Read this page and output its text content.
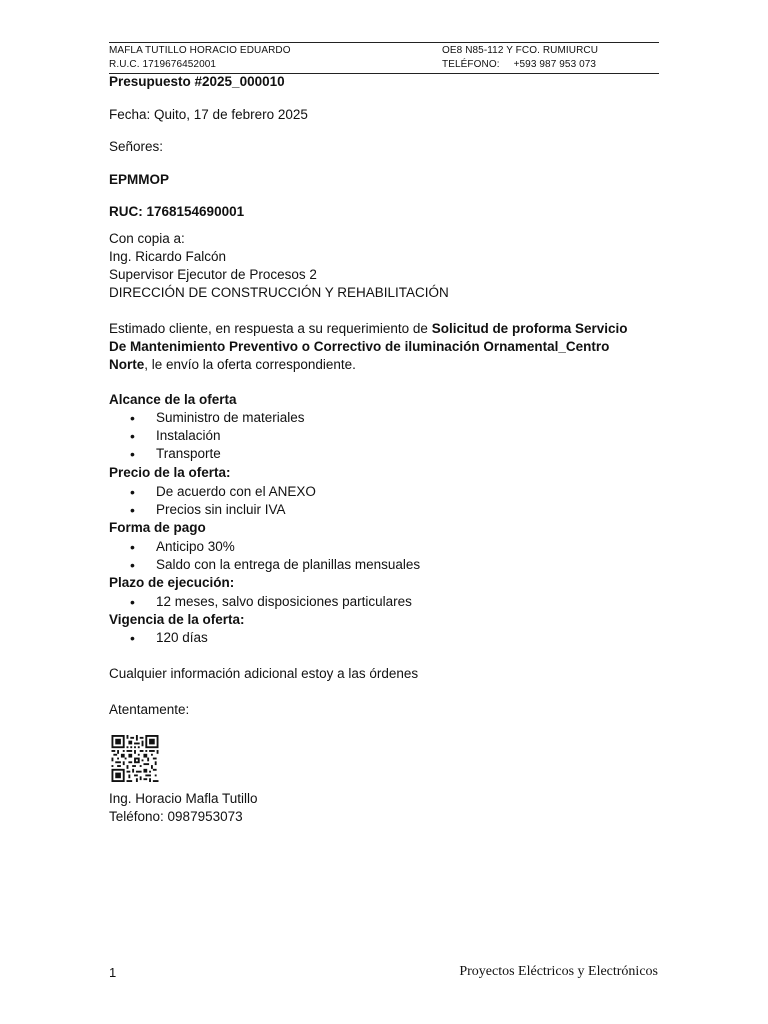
MAFLA TUTILLO HORACIO EDUARDO
R.U.C. 1719676452001
OE8 N85-112 Y FCO. RUMIURCU
TELÉFONO: +593 987 953 073
Presupuesto #2025_000010
Fecha: Quito, 17 de febrero 2025
Señores:
EPMMOP
RUC: 1768154690001
Con copia a:
Ing. Ricardo Falcón
Supervisor Ejecutor de Procesos 2
DIRECCIÓN DE CONSTRUCCIÓN Y REHABILITACIÓN
Estimado cliente, en respuesta a su requerimiento de Solicitud de proforma Servicio
De Mantenimiento Preventivo o Correctivo de iluminación Ornamental_Centro
Norte, le envío la oferta correspondiente.
Alcance de la oferta
• Suministro de materiales
• Instalación
• Transporte
Precio de la oferta:
• De acuerdo con el ANEXO
• Precios sin incluir IVA
Forma de pago
• Anticipo 30%
• Saldo con la entrega de planillas mensuales
Plazo de ejecución:
• 12 meses, salvo disposiciones particulares
Vigencia de la oferta:
• 120 días
Cualquier información adicional estoy a las órdenes
Atentamente:
Ing. Horacio Mafla Tutillo
Teléfono: 0987953073
1	Proyectos Eléctricos y Electrónicos
